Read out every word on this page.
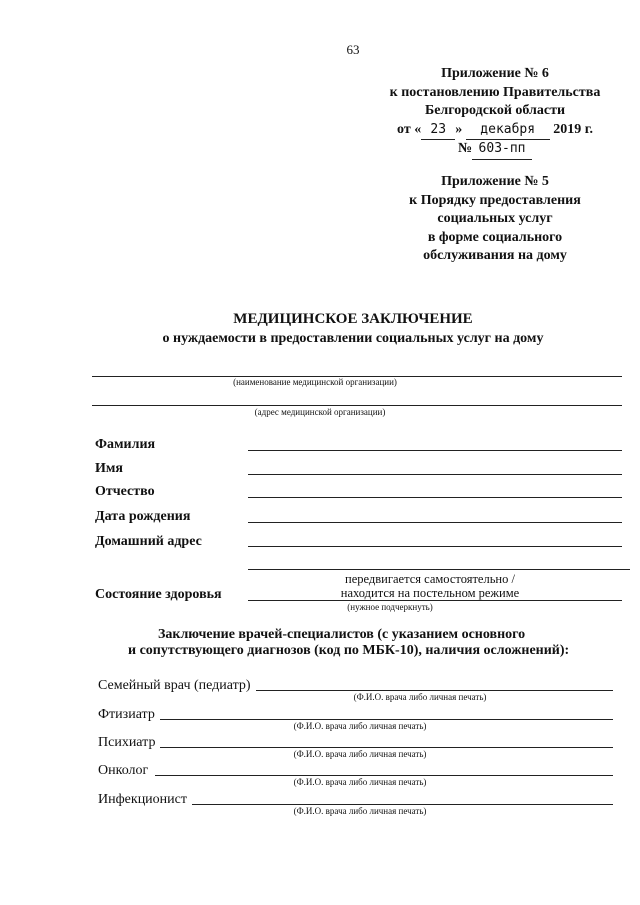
63
Приложение № 6
к постановлению Правительства
Белгородской области
от « 23 » декабря 2019 г.
№ 603-пп
Приложение № 5
к Порядку предоставления
социальных услуг
в форме социального
обслуживания на дому
МЕДИЦИНСКОЕ ЗАКЛЮЧЕНИЕ
о нуждаемости в предоставлении социальных услуг на дому
(наименование медицинской организации)
(адрес медицинской организации)
Фамилия
Имя
Отчество
Дата рождения
Домашний адрес
передвигается самостоятельно /
Состояние здоровья	находится на постельном режиме
(нужное подчеркнуть)
Заключение врачей-специалистов (с указанием основного
и сопутствующего диагнозов (код по МБК-10), наличия осложнений):
Семейный врач (педиатр)
(Ф.И.О. врача либо личная печать)
Фтизиатр
(Ф.И.О. врача либо личная печать)
Психиатр
(Ф.И.О. врача либо личная печать)
Онколог
(Ф.И.О. врача либо личная печать)
Инфекционист
(Ф.И.О. врача либо личная печать)
